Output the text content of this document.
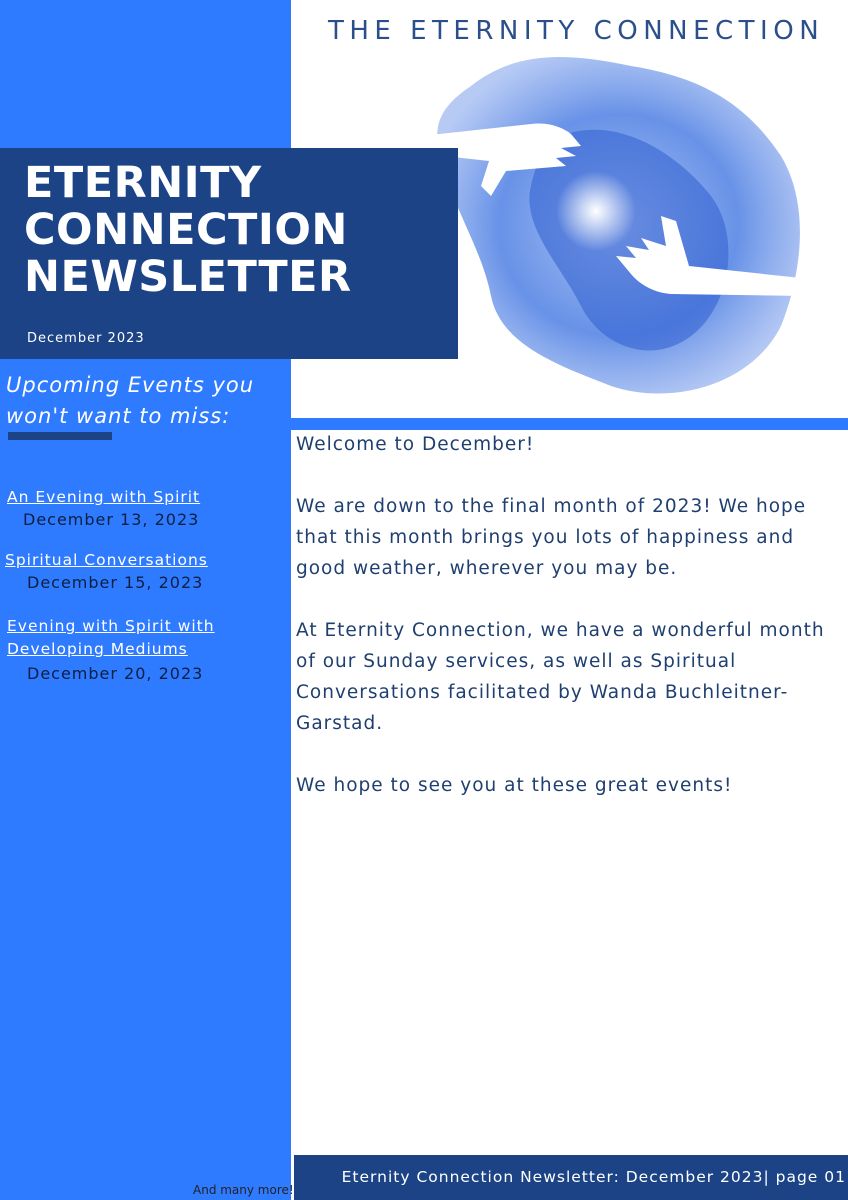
THE ETERNITY CONNECTION
ETERNITY
CONNECTION
NEWSLETTER
December 2023
Upcoming Events you
won't want to miss:
An Evening with Spirit
December 13, 2023
Spiritual Conversations
December 15, 2023
Evening with Spirit with
Developing Mediums
December 20, 2023

Welcome to December!

We are down to the final month of 2023! We hope
that this month brings you lots of happiness and
good weather, wherever you may be.

At Eternity Connection, we have a wonderful month
of our Sunday services, as well as Spiritual
Conversations facilitated by Wanda Buchleitner-
Garstad.

We hope to see you at these great events!

Eternity Connection Newsletter: December 2023| page 01
And many more!
